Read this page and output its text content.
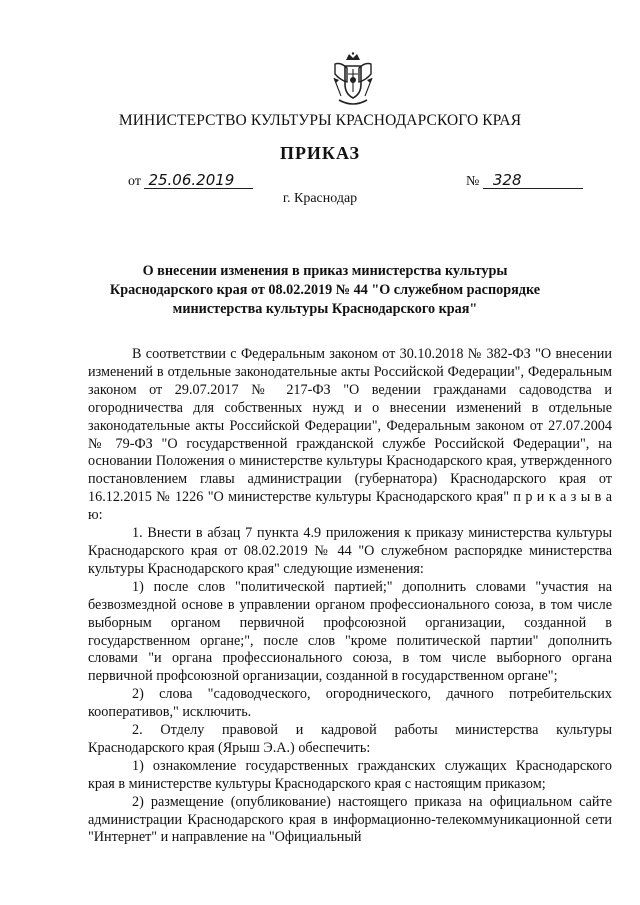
МИНИСТЕРСТВО КУЛЬТУРЫ КРАСНОДАРСКОГО КРАЯ
ПРИКАЗ
от 25.06.2019	№ 328
г. Краснодар
О внесении изменения в приказ министерства культуры Краснодарского края от 08.02.2019 № 44 "О служебном распорядке министерства культуры Краснодарского края"

В соответствии с Федеральным законом от 30.10.2018 № 382-ФЗ "О внесении изменений в отдельные законодательные акты Российской Федерации", Федеральным законом от 29.07.2017 № 217-ФЗ "О ведении гражданами садоводства и огородничества для собственных нужд и о внесении изменений в отдельные законодательные акты Российской Федерации", Федеральным законом от 27.07.2004 № 79-ФЗ "О государственной гражданской службе Российской Федерации", на основании Положения о министерстве культуры Краснодарского края, утвержденного постановлением главы администрации (губернатора) Краснодарского края от 16.12.2015 № 1226 "О министерстве культуры Краснодарского края" п р и к а з ы в а ю:

1. Внести в абзац 7 пункта 4.9 приложения к приказу министерства культуры Краснодарского края от 08.02.2019 № 44 "О служебном распорядке министерства культуры Краснодарского края" следующие изменения:

1) после слов "политической партией;" дополнить словами "участия на безвозмездной основе в управлении органом профессионального союза, в том числе выборным органом первичной профсоюзной организации, созданной в государственном органе;", после слов "кроме политической партии" дополнить словами "и органа профессионального союза, в том числе выборного органа первичной профсоюзной организации, созданной в государственном органе";

2) слова "садоводческого, огороднического, дачного потребительских кооперативов," исключить.

2. Отделу правовой и кадровой работы министерства культуры Краснодарского края (Ярыш Э.А.) обеспечить:

1) ознакомление государственных гражданских служащих Краснодарского края в министерстве культуры Краснодарского края с настоящим приказом;

2) размещение (опубликование) настоящего приказа на официальном сайте администрации Краснодарского края в информационно-телекоммуникационной сети "Интернет" и направление на "Официальный
